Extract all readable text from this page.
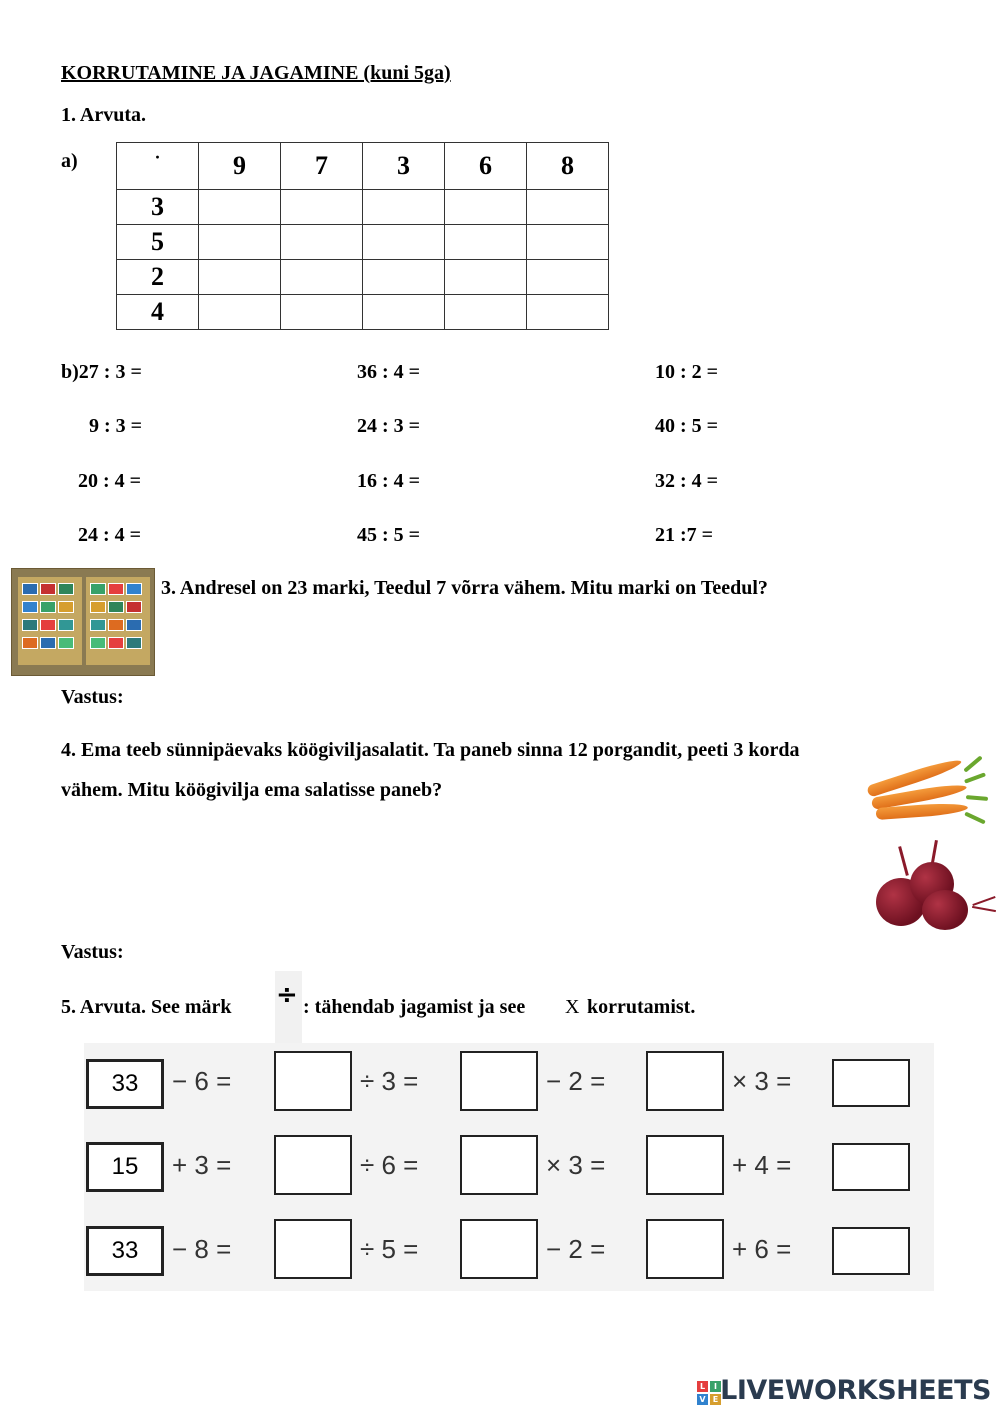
KORRUTAMINE JA JAGAMINE (kuni 5ga)
1. Arvuta.
a)	·	9	7	3	6	8
3					
5					
2					
4					
b)27 : 3 =	36 : 4 =	10 : 2 =
9 : 3 =	24 : 3 =	40 : 5 =
20 : 4 =	16 : 4 =	32 : 4 =
24 : 4 =	45 : 5 =	21 :7 =
3. Andresel on 23 marki, Teedul 7 võrra vähem. Mitu marki on Teedul?
Vastus:
4. Ema teeb sünnipäevaks köögiviljasalatit. Ta paneb sinna 12 porgandit, peeti 3 korda
vähem. Mitu köögivilja ema salatisse paneb?
Vastus:
5. Arvuta. See märk ÷ : tähendab jagamist ja see X korrutamist.
33	− 6 =	÷ 3 =	− 2 =	× 3 =
15	+ 3 =	÷ 6 =	× 3 =	+ 4 =
33	− 8 =	÷ 5 =	− 2 =	+ 6 =
L	I
V E LIVEWORKSHEETS
